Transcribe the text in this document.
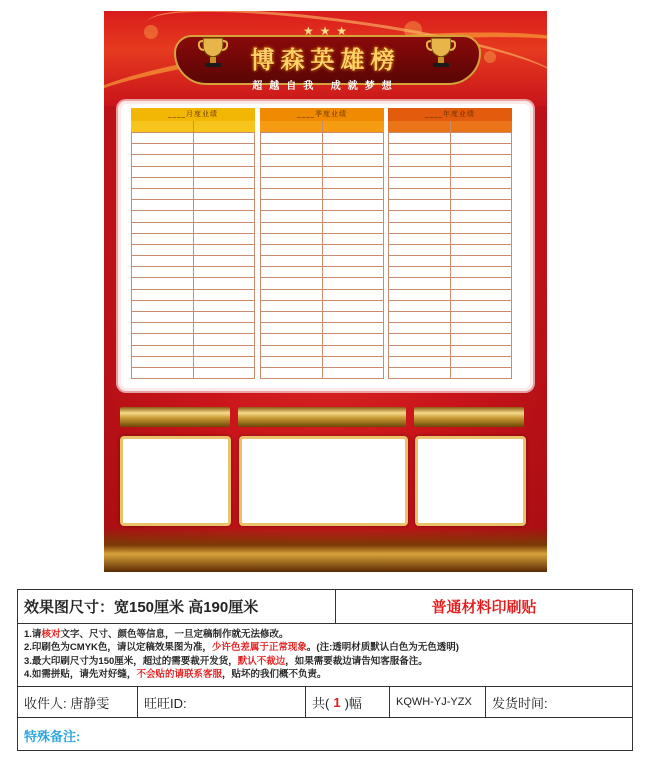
★ ★ ★
博森英雄榜
超越自我 成就梦想
____月度业绩	____季度业绩	____年度业绩
效果图尺寸：宽150厘米 高190厘米	普通材料印刷贴
1.请核对文字、尺寸、颜色等信息，一旦定稿制作就无法修改。
2.印刷色为CMYK色，请以定稿效果图为准，少许色差属于正常现象。(注:透明材质默认白色为无色透明)
3.最大印刷尺寸为150厘米，超过的需要裁开发货，默认不裁边，如果需要裁边请告知客服备注。
4.如需拼贴，请先对好缝，不会贴的请联系客服，贴坏的我们概不负责。
收件人: 唐静雯	旺旺ID:	共( 1 )幅	KQWH-YJ-YZX	发货时间:
特殊备注:
